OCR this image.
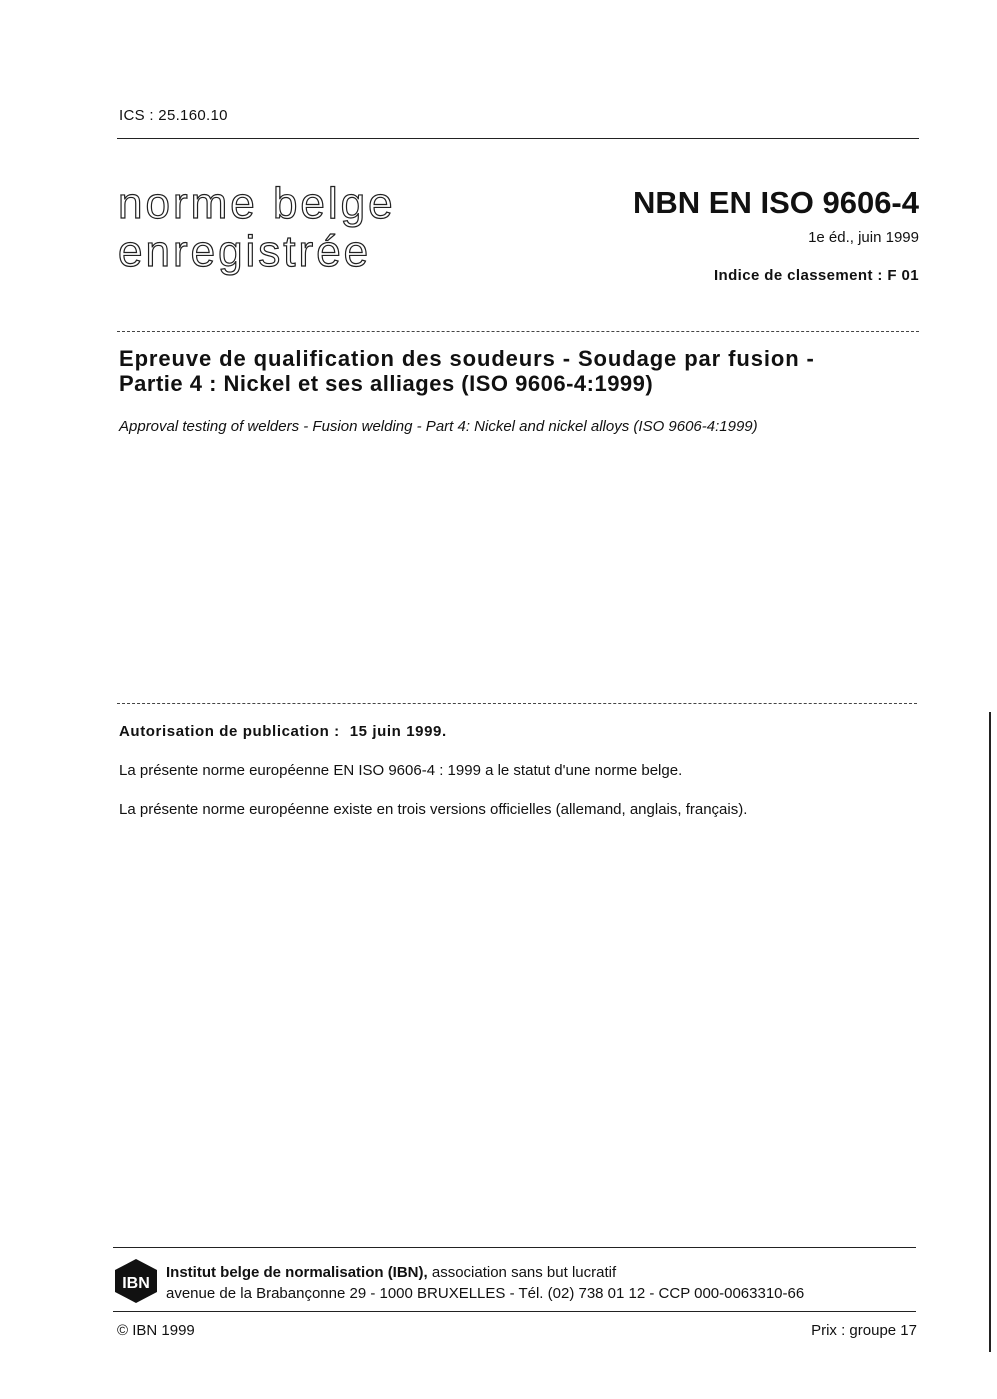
ICS : 25.160.10
norme belge
enregistrée
NBN EN ISO 9606-4
1e éd., juin 1999
Indice de classement : F 01
Epreuve de qualification des soudeurs - Soudage par fusion -
Partie 4 : Nickel et ses alliages (ISO 9606-4:1999)
Approval testing of welders - Fusion welding - Part 4: Nickel and nickel alloys (ISO 9606-4:1999)
Autorisation de publication : 15 juin 1999.
La présente norme européenne EN ISO 9606-4 : 1999 a le statut d'une norme belge.
La présente norme européenne existe en trois versions officielles (allemand, anglais, français).
IBN
Institut belge de normalisation (IBN), association sans but lucratif
avenue de la Brabançonne 29 - 1000 BRUXELLES - Tél. (02) 738 01 12 - CCP 000-0063310-66
© IBN 1999	Prix : groupe 17
